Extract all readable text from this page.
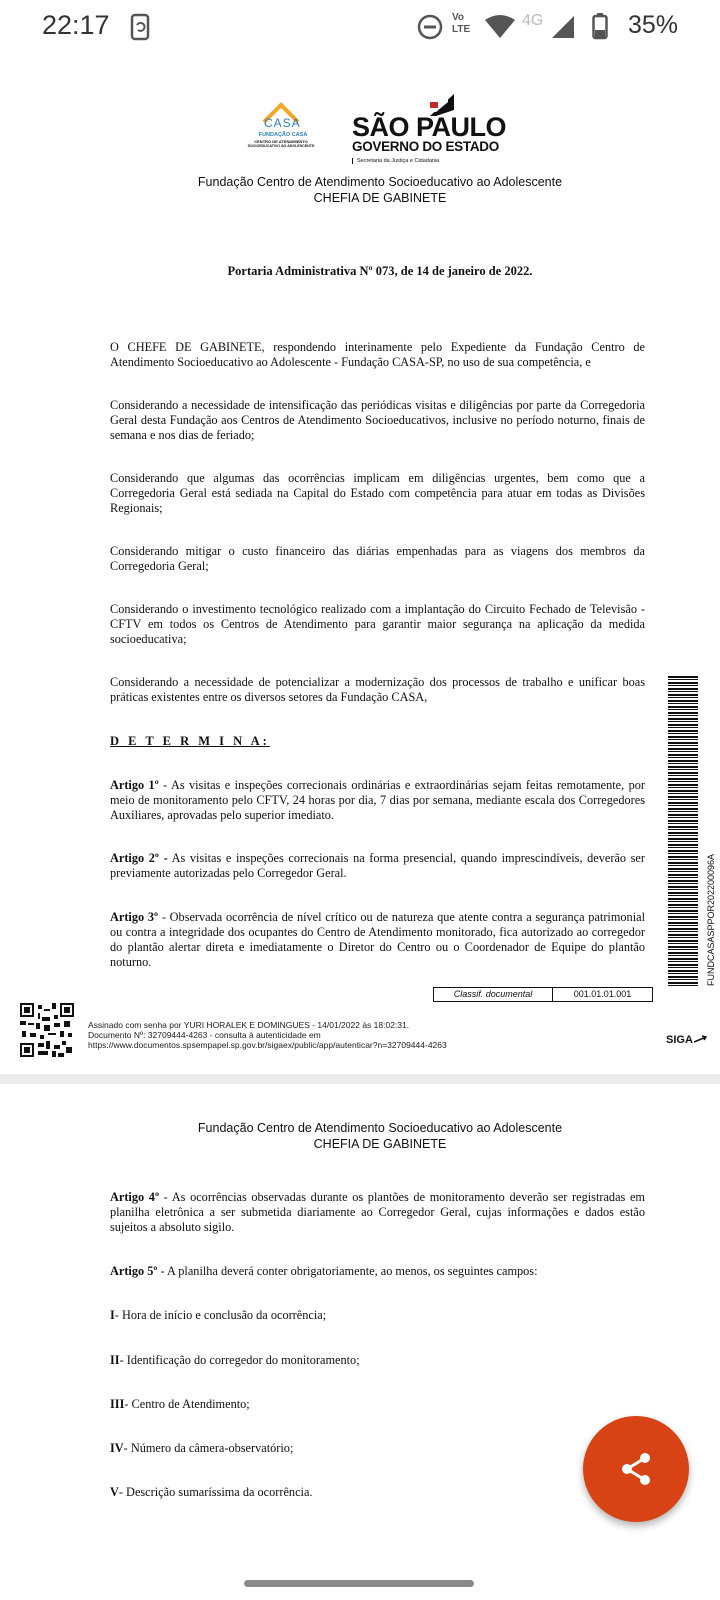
22:17	Vo LTE
4G	35%
CASA
FUNDAÇÃO CASA
CENTRO DE ATENDIMENTO
SOCIOEDUCATIVO AO ADOLESCENTE
SÃO PAULO
GOVERNO DO ESTADO
Secretaria da Justiça e Cidadania
Fundação Centro de Atendimento Socioeducativo ao Adolescente
CHEFIA DE GABINETE
Portaria Administrativa Nº 073, de 14 de janeiro de 2022.
O CHEFE DE GABINETE, respondendo interinamente pelo Expediente da Fundação Centro de Atendimento Socioeducativo ao Adolescente - Fundação CASA-SP, no uso de sua competência, e
Considerando a necessidade de intensificação das periódicas visitas e diligências por parte da Corregedoria Geral desta Fundação aos Centros de Atendimento Socioeducativos, inclusive no período noturno, finais de semana e nos dias de feriado;
Considerando que algumas das ocorrências implicam em diligências urgentes, bem como que a Corregedoria Geral está sediada na Capital do Estado com competência para atuar em todas as Divisões Regionais;
Considerando mitigar o custo financeiro das diárias empenhadas para as viagens dos membros da Corregedoria Geral;
Considerando o investimento tecnológico realizado com a implantação do Circuito Fechado de Televisão - CFTV em todos os Centros de Atendimento para garantir maior segurança na aplicação da medida socioeducativa;
Considerando a necessidade de potencializar a modernização dos processos de trabalho e unificar boas práticas existentes entre os diversos setores da Fundação CASA,
D E T E R M I N A:
Artigo 1º - As visitas e inspeções correcionais ordinárias e extraordinárias sejam feitas remotamente, por meio de monitoramento pelo CFTV, 24 horas por dia, 7 dias por semana, mediante escala dos Corregedores Auxiliares, aprovadas pelo superior imediato.
Artigo 2º - As visitas e inspeções correcionais na forma presencial, quando imprescindíveis, deverão ser previamente autorizadas pelo Corregedor Geral.
Artigo 3º - Observada ocorrência de nível crítico ou de natureza que atente contra a segurança patrimonial ou contra a integridade dos ocupantes do Centro de Atendimento monitorado, fica autorizado ao corregedor do plantão alertar direta e imediatamente o Diretor do Centro ou o Coordenador de Equipe do plantão noturno.
Classif. documental	001.01.01.001
FUNDCASASPPOR202200096A
Assinado com senha por YURI HORALEK E DOMINGUES - 14/01/2022 às 18:02:31.
Documento Nº: 32709444-4263 - consulta à autenticidade em
https://www.documentos.spsempapel.sp.gov.br/sigaex/public/app/autenticar?n=32709444-4263	SIGA
Fundação Centro de Atendimento Socioeducativo ao Adolescente
CHEFIA DE GABINETE
Artigo 4º - As ocorrências observadas durante os plantões de monitoramento deverão ser registradas em planilha eletrônica a ser submetida diariamente ao Corregedor Geral, cujas informações e dados estão sujeitos a absoluto sigilo.
Artigo 5º - A planilha deverá conter obrigatoriamente, ao menos, os seguintes campos:
I- Hora de início e conclusão da ocorrência;
II- Identificação do corregedor do monitoramento;
III- Centro de Atendimento;
IV- Número da câmera-observatório;
V- Descrição sumaríssima da ocorrência.
